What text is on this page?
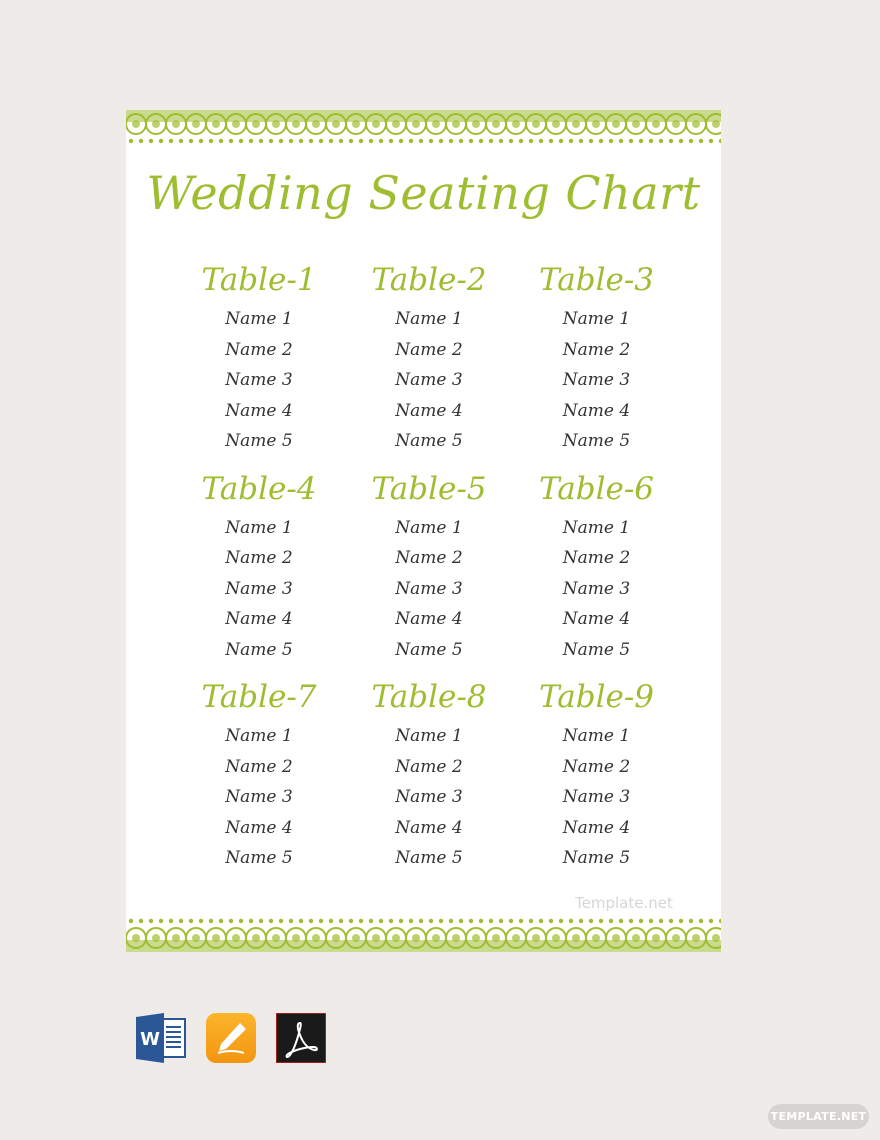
Wedding Seating Chart
Table-1
Name 1
Name 2
Name 3
Name 4
Name 5
Table-2
Name 1
Name 2
Name 3
Name 4
Name 5
Table-3
Name 1
Name 2
Name 3
Name 4
Name 5
Table-4
Name 1
Name 2
Name 3
Name 4
Name 5
Table-5
Name 1
Name 2
Name 3
Name 4
Name 5
Table-6
Name 1
Name 2
Name 3
Name 4
Name 5
Table-7
Name 1
Name 2
Name 3
Name 4
Name 5
Table-8
Name 1
Name 2
Name 3
Name 4
Name 5
Table-9
Name 1
Name 2
Name 3
Name 4
Name 5
Template.net
W
TEMPLATE.NET
